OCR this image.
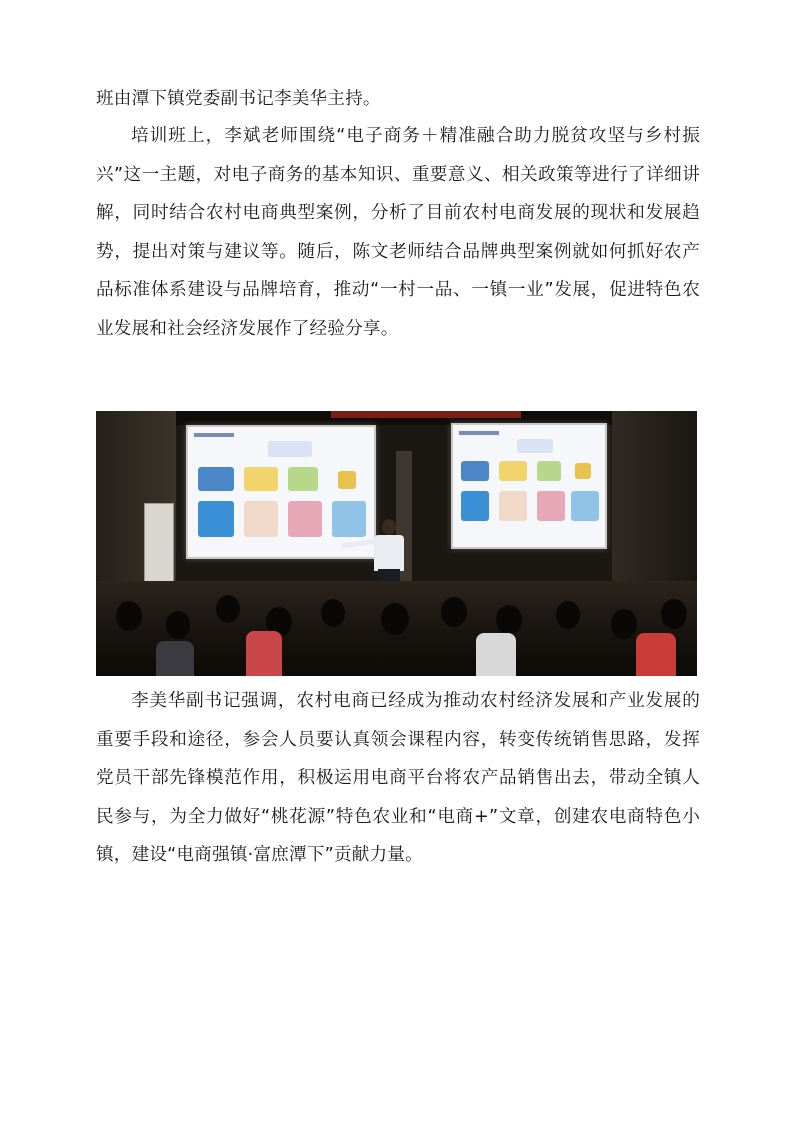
班由潭下镇党委副书记李美华主持。

培训班上，李斌老师围绕“电子商务＋精准融合助力脱贫攻坚与乡村振兴”这一主题，对电子商务的基本知识、重要意义、相关政策等进行了详细讲解，同时结合农村电商典型案例，分析了目前农村电商发展的现状和发展趋势，提出对策与建议等。随后，陈文老师结合品牌典型案例就如何抓好农产品标准体系建设与品牌培育，推动“一村一品、一镇一业”发展，促进特色农业发展和社会经济发展作了经验分享。

李美华副书记强调，农村电商已经成为推动农村经济发展和产业发展的重要手段和途径，参会人员要认真领会课程内容，转变传统销售思路，发挥党员干部先锋模范作用，积极运用电商平台将农产品销售出去，带动全镇人民参与，为全力做好“桃花源”特色农业和“电商+”文章，创建农电商特色小镇，建设“电商强镇·富庶潭下”贡献力量。
